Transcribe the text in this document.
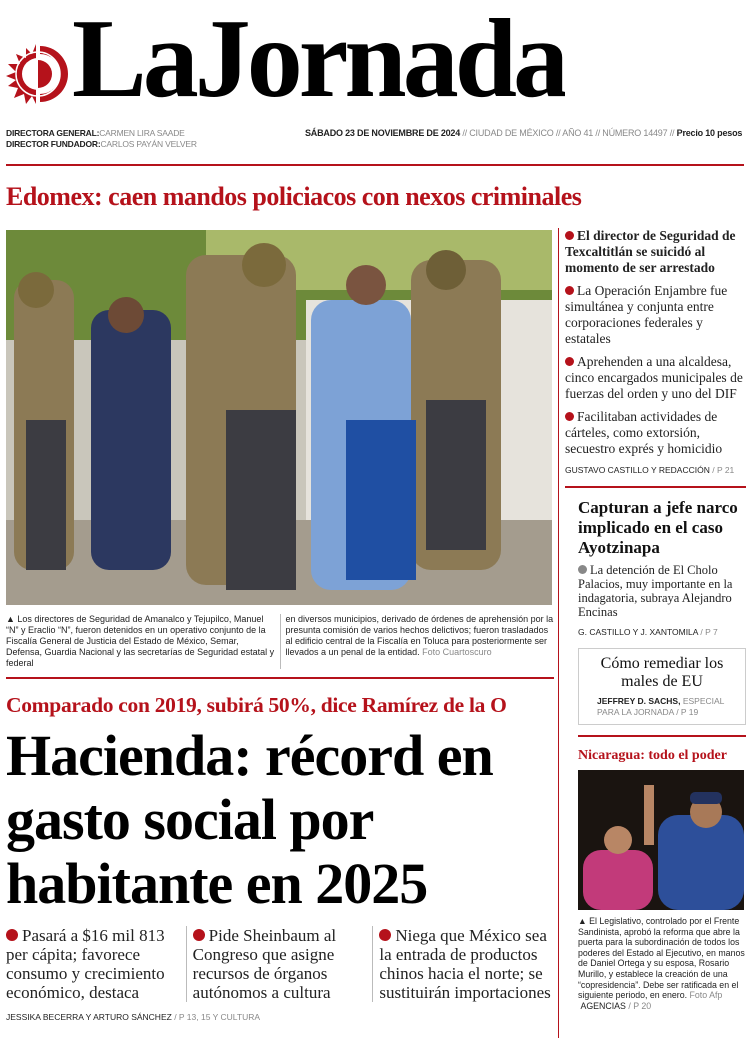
LaJornada
DIRECTORA GENERAL:CARMEN LIRA SAADE
DIRECTOR FUNDADOR:CARLOS PAYÁN VELVER
SÁBADO 23 DE NOVIEMBRE DE 2024 // CIUDAD DE MÉXICO // AÑO 41 // NÚMERO 14497 // Precio 10 pesos
Edomex: caen mandos policiacos con nexos criminales
▲ Los directores de Seguridad de Amanalco y Tejupilco, Manuel “N” y Eraclio “N”, fueron detenidos en un operativo conjunto de la Fiscalía General de Justicia del Estado de México, Semar, Defensa, Guardia Nacional y las secretarías de Seguridad estatal y federal
en diversos municipios, derivado de órdenes de aprehensión por la presunta comisión de varios hechos delictivos; fueron trasladados al edificio central de la Fiscalía en Toluca para posteriormente ser llevados a un penal de la entidad. Foto Cuartoscuro
El director de Seguridad de Texcaltitlán se suicidó al momento de ser arrestado
La Operación Enjambre fue simultánea y conjunta entre corporaciones federales y estatales
Aprehenden a una alcaldesa, cinco encargados municipales de fuerzas del orden y uno del DIF
Facilitaban actividades de cárteles, como extorsión, secuestro exprés y homicidio
GUSTAVO CASTILLO Y REDACCIÓN / P 21
Capturan a jefe narco implicado en el caso Ayotzinapa
La detención de El Cholo Palacios, muy importante en la indagatoria, subraya Alejandro Encinas
G. CASTILLO Y J. XANTOMILA / P 7
Cómo remediar los males de EU
JEFFREY D. SACHS, ESPECIAL PARA LA JORNADA / P 19
Nicaragua: todo el poder
▲ El Legislativo, controlado por el Frente Sandinista, aprobó la reforma que abre la puerta para la subordinación de todos los poderes del Estado al Ejecutivo, en manos de Daniel Ortega y su esposa, Rosario Murillo, y establece la creación de una “copresidencia”. Debe ser ratificada en el siguiente periodo, en enero. Foto Afp  AGENCIAS / P 20
Comparado con 2019, subirá 50%, dice Ramírez de la O
Hacienda: récord en gasto social por habitante en 2025
Pasará a $16 mil 813 per cápita; favorece consumo y crecimiento económico, destaca
Pide Sheinbaum al Congreso que asigne recursos de órganos autónomos a cultura
Niega que México sea la entrada de productos chinos hacia el norte; se sustituirán importaciones
JESSIKA BECERRA Y ARTURO SÁNCHEZ / P 13, 15 Y CULTURA
